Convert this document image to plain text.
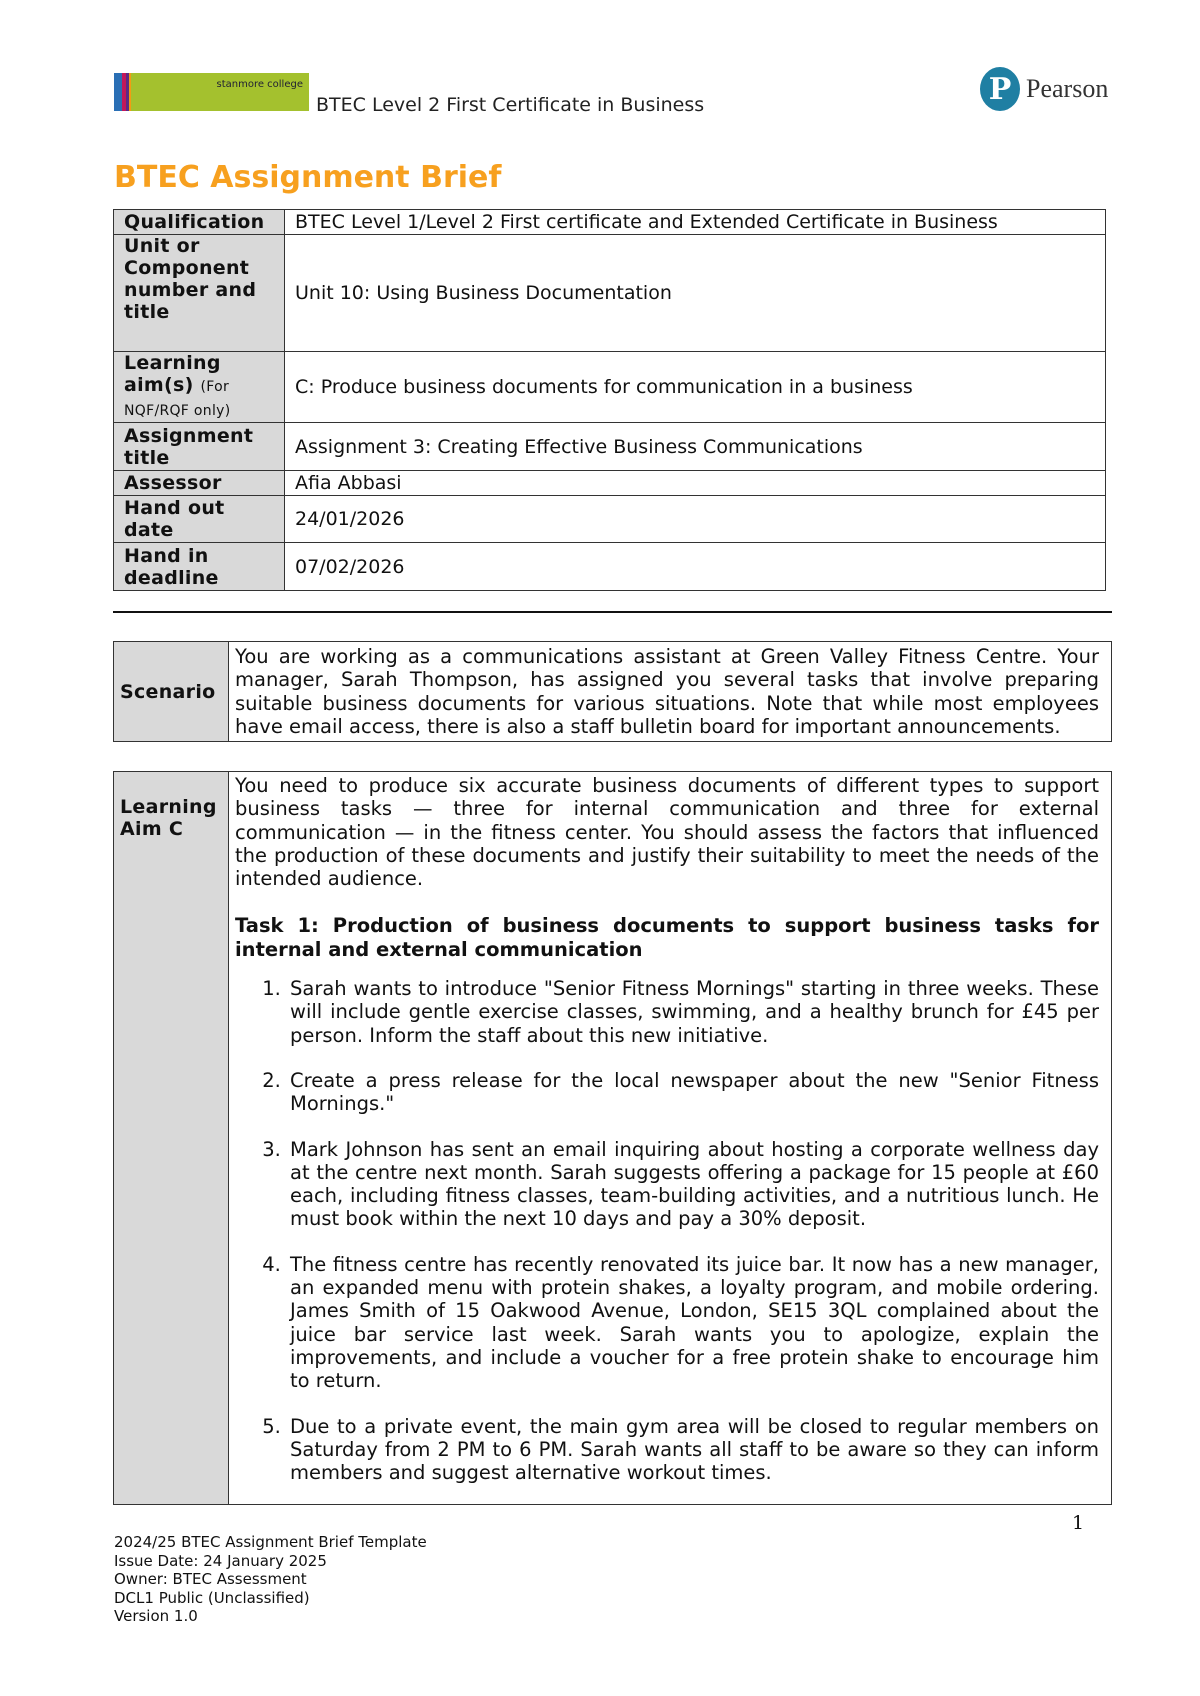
stanmore college
BTEC Level 2 First Certificate in Business	P Pearson
BTEC Assignment Brief
Qualification	BTEC Level 1/Level 2 First certificate and Extended Certificate in Business
Unit or Component number and title	Unit 10: Using Business Documentation
Learning aim(s) (For NQF/RQF only)	C: Produce business documents for communication in a business
Assignment title	Assignment 3: Creating Effective Business Communications
Assessor	Afia Abbasi
Hand out date	24/01/2026
Hand in deadline	07/02/2026
Scenario	You are working as a communications assistant at Green Valley Fitness Centre. Your manager, Sarah Thompson, has assigned you several tasks that involve preparing suitable business documents for various situations. Note that while most employees have email access, there is also a staff bulletin board for important announcements.
Learning Aim C	
You need to produce six accurate business documents of different types to support business tasks — three for internal communication and three for external communication — in the fitness center. You should assess the factors that influenced the production of these documents and justify their suitability to meet the needs of the intended audience.
Task 1: Production of business documents to support business tasks for internal and external communication
1. Sarah wants to introduce "Senior Fitness Mornings" starting in three weeks. These will include gentle exercise classes, swimming, and a healthy brunch for £45 per person. Inform the staff about this new initiative.
2. Create a press release for the local newspaper about the new "Senior Fitness Mornings."
3. Mark Johnson has sent an email inquiring about hosting a corporate wellness day at the centre next month. Sarah suggests offering a package for 15 people at £60 each, including fitness classes, team-building activities, and a nutritious lunch. He must book within the next 10 days and pay a 30% deposit.
4. The fitness centre has recently renovated its juice bar. It now has a new manager, an expanded menu with protein shakes, a loyalty program, and mobile ordering. James Smith of 15 Oakwood Avenue, London, SE15 3QL complained about the juice bar service last week. Sarah wants you to apologize, explain the improvements, and include a voucher for a free protein shake to encourage him to return.
5. Due to a private event, the main gym area will be closed to regular members on Saturday from 2 PM to 6 PM. Sarah wants all staff to be aware so they can inform members and suggest alternative workout times.
1
2024/25 BTEC Assignment Brief Template
Issue Date: 24 January 2025
Owner: BTEC Assessment
DCL1 Public (Unclassified)
Version 1.0
